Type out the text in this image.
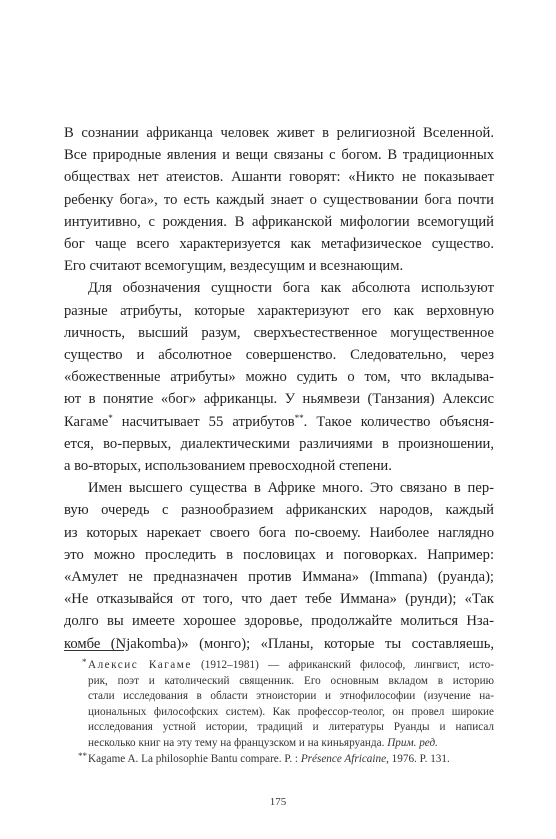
В сознании африканца человек живет в религиозной Вселенной.
Все природные явления и вещи связаны с богом. В традиционных
обществах нет атеистов. Ашанти говорят: «Никто не показывает
ребенку бога», то есть каждый знает о существовании бога почти
интуитивно, с рождения. В африканской мифологии всемогущий
бог чаще всего характеризуется как метафизическое существо.
Его считают всемогущим, вездесущим и всезнающим.
Для обозначения сущности бога как абсолюта используют
разные атрибуты, которые характеризуют его как верховную
личность, высший разум, сверхъестественное могущественное
существо и абсолютное совершенство. Следовательно, через
«божественные атрибуты» можно судить о том, что вкладыва-
ют в понятие «бог» африканцы. У ньямвези (Танзания) Алексис
Кагаме* насчитывает 55 атрибутов**. Такое количество объясня-
ется, во-первых, диалектическими различиями в произношении,
а во-вторых, использованием превосходной степени.
Имен высшего существа в Африке много. Это связано в пер-
вую очередь с разнообразием африканских народов, каждый
из которых нарекает своего бога по-своему. Наиболее наглядно
это можно проследить в пословицах и поговорках. Например:
«Амулет не предназначен против Иммана» (Immana) (руанда);
«Не отказывайся от того, что дает тебе Иммана» (рунди); «Так
долго вы имеете хорошее здоровье, продолжайте молиться Нза-
комбе (Njakomba)» (монго); «Планы, которые ты составляешь,
* Алексис Кагаме (1912–1981) — африканский философ, лингвист, исто-
рик, поэт и католический священник. Его основным вкладом в историю
стали исследования в области этноистории и этнофилософии (изучение на-
циональных философских систем). Как профессор-теолог, он провел широкие
исследования устной истории, традиций и литературы Руанды и написал
несколько книг на эту тему на французском и на киньяруанда. Прим. ред.
** Kagame A. La philosophie Bantu compare. P. : Présence Africaine, 1976. P. 131.
175
